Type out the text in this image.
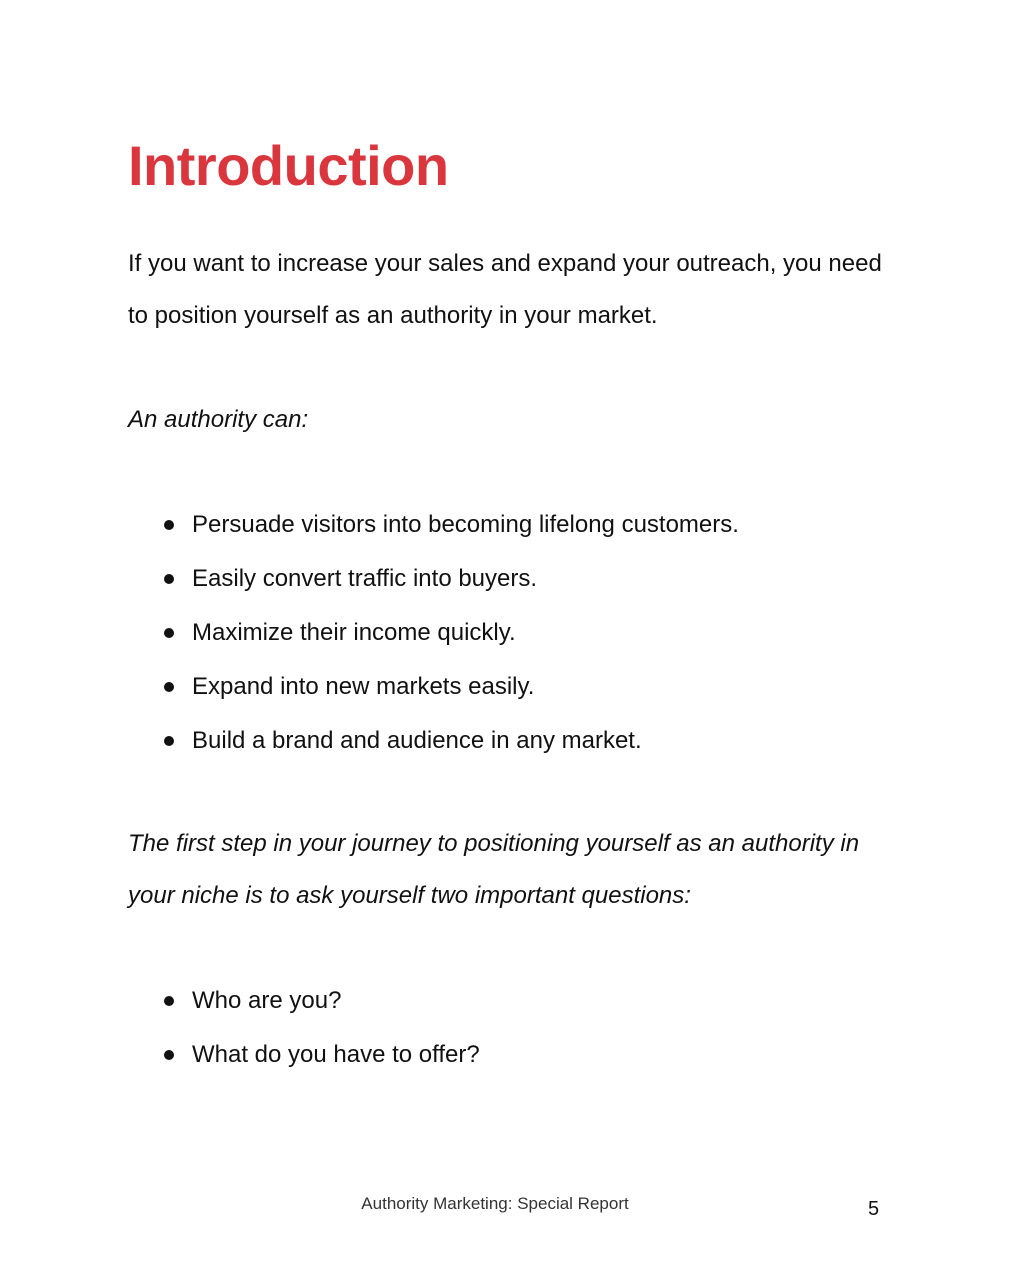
Introduction

If you want to increase your sales and expand your outreach, you need to position yourself as an authority in your market.

An authority can:

Persuade visitors into becoming lifelong customers.
Easily convert traffic into buyers.
Maximize their income quickly.
Expand into new markets easily.
Build a brand and audience in any market.

The first step in your journey to positioning yourself as an authority in your niche is to ask yourself two important questions:

Who are you?
What do you have to offer?
Authority Marketing: Special Report	5
